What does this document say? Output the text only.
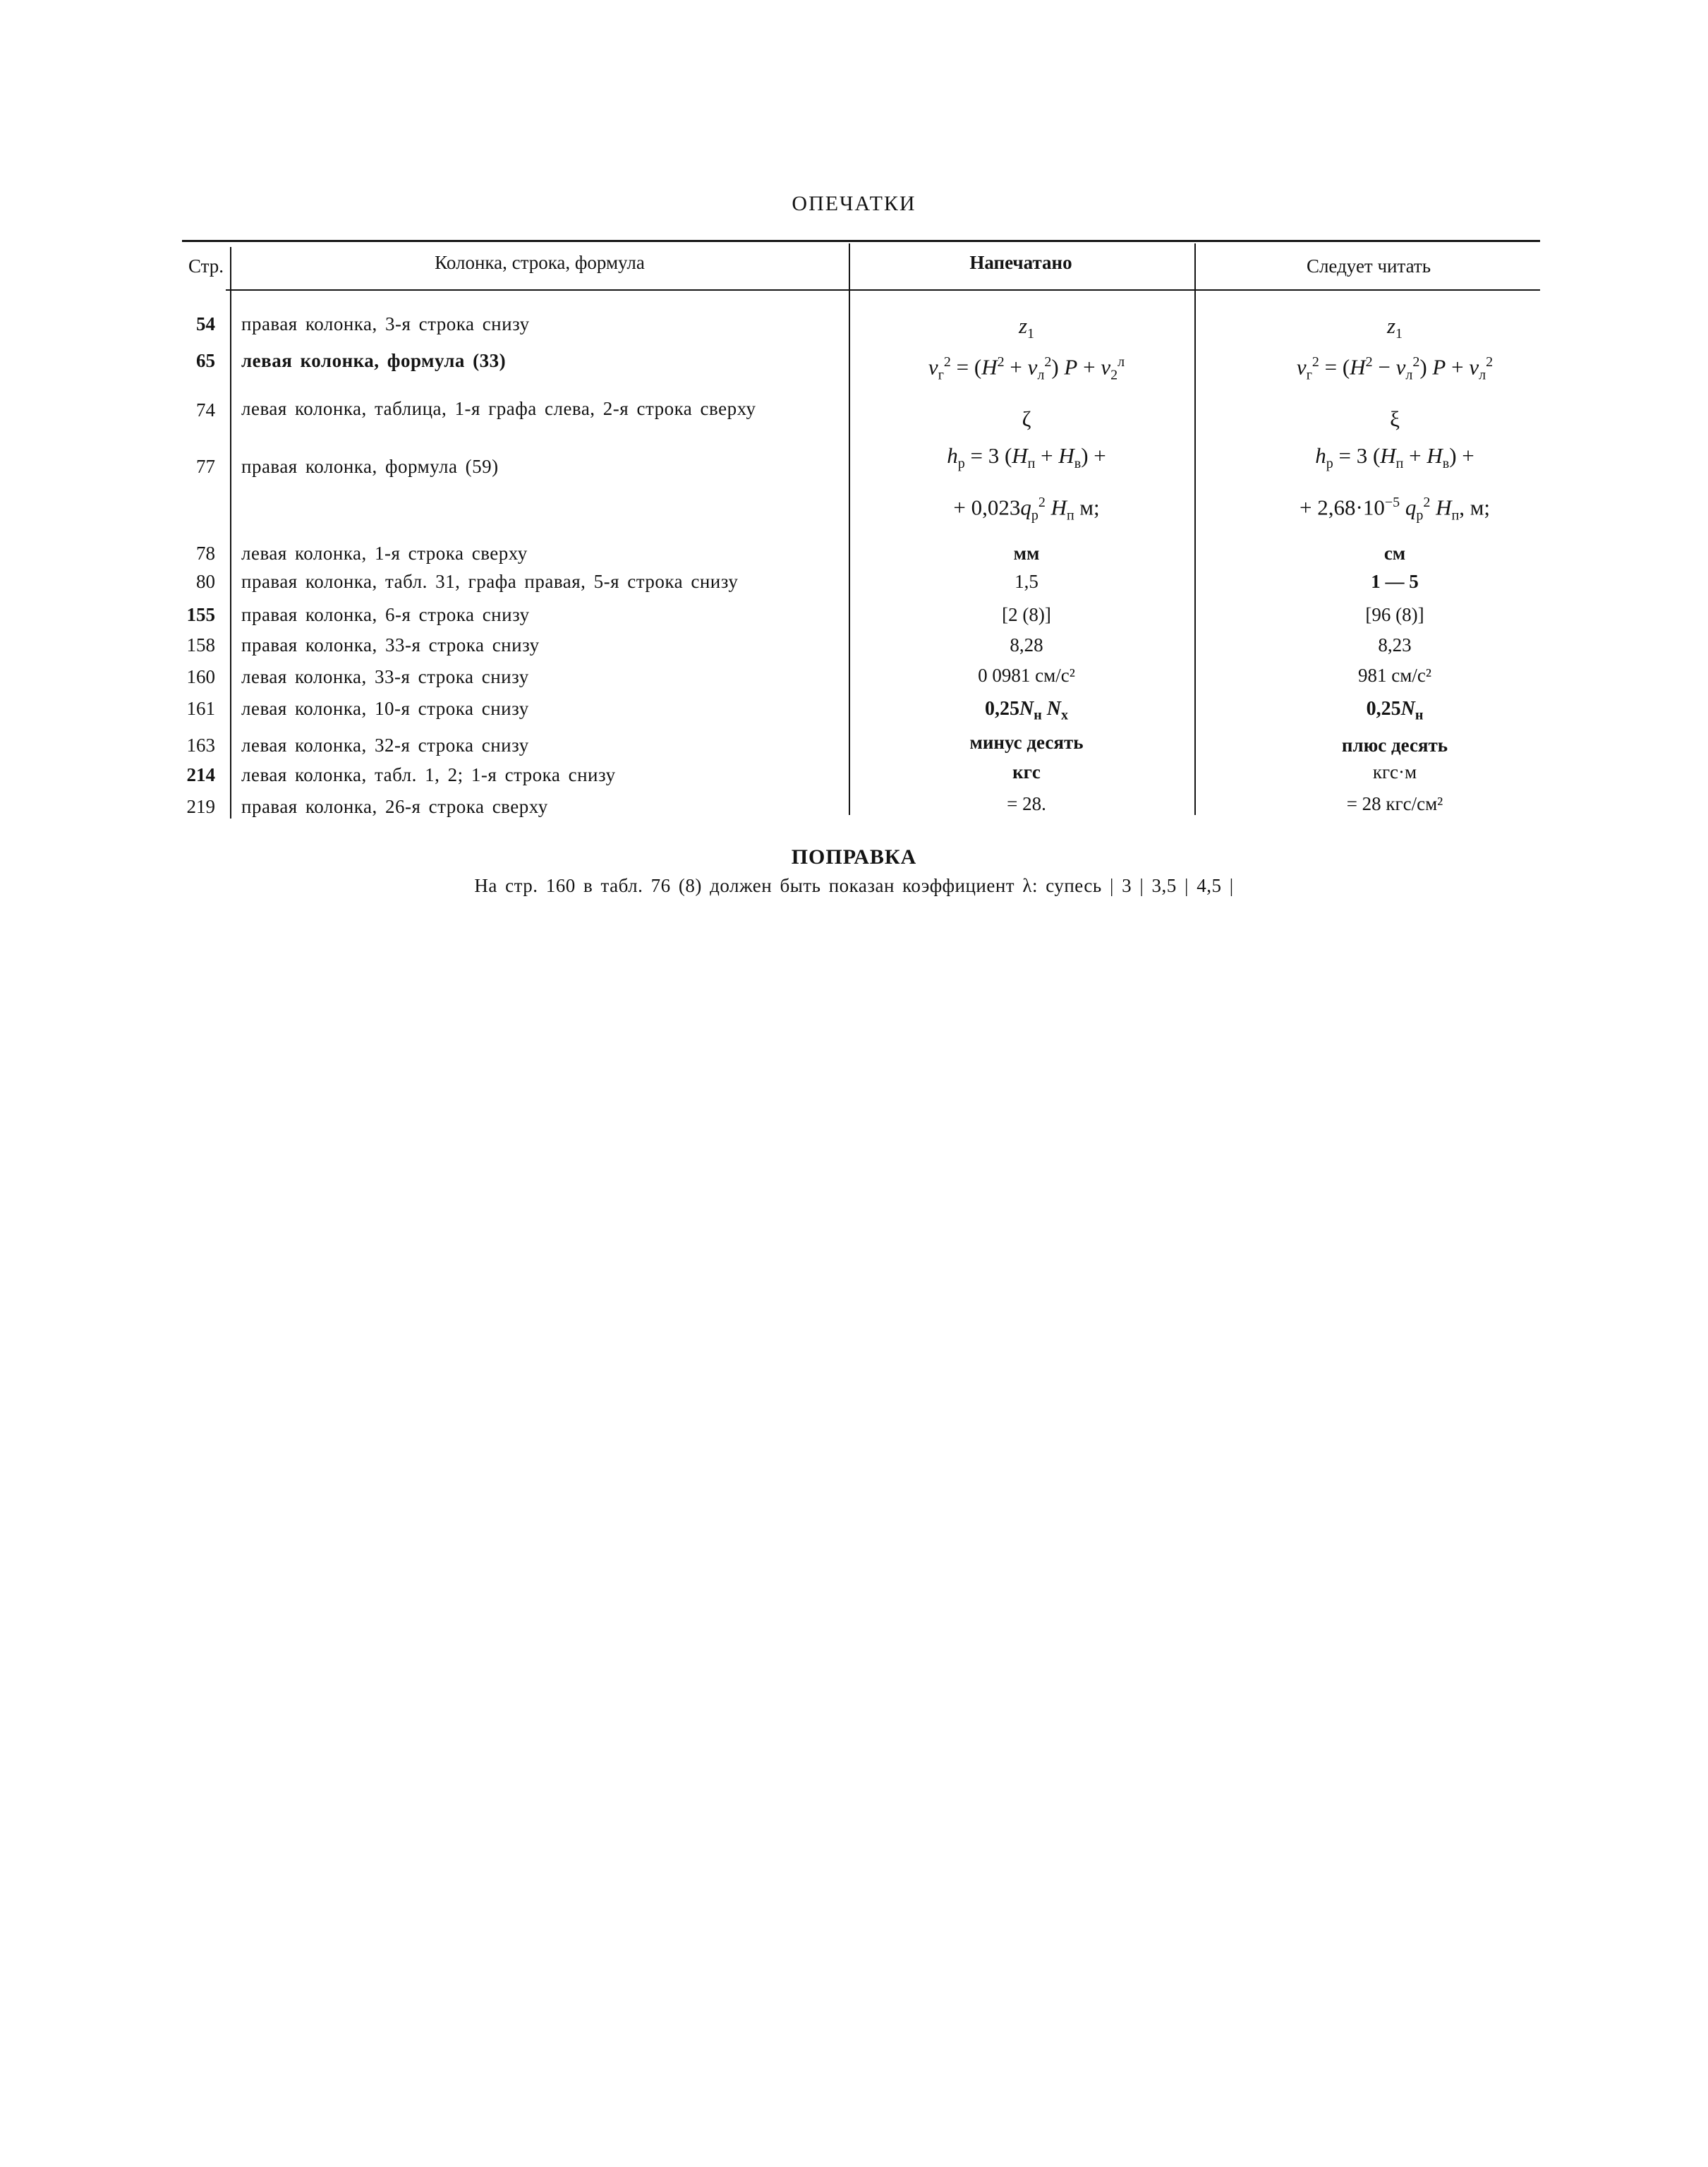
ОПЕЧАТКИ
Стр.	Колонка, строка, формула	Напечатано	Следует читать
54 правая колонка, 3-я строка снизу	$z_1$	$z_1$
65 левая колонка, формула (33)	$v_г^2 = (H^2 + v_л^2) P + v_2^л$	$v_г^2 = (H^2 - v_л^2) P + v_л^2$
74 левая колонка, таблица, 1-я графа слева, 2-я строка сверху	ζ	ξ
77 правая колонка, формула (59)	$h_р = 3$ $(H_п + H_в)$ +	$h_р = 3$ $(H_п + H_в)$ +
+ $0,023q_р^2$ $H_п$ м;	+ $2,68\cdot 10^{-5}$ $q_р^2$ $H_п$, м;
78 левая колонка, 1-я строка сверху	мм	см
80 правая колонка, табл. 31, графа правая, 5-я строка снизу	1,5	1 — 5
155 правая колонка, 6-я строка снизу	[2 (8)]	[96 (8)]
158 правая колонка, 33-я строка снизу	8,28	8,23
160 левая колонка, 33-я строка снизу	0 0981 см/с²	981 см/с²
161 левая колонка, 10-я строка снизу	$0,25N_н$ $N_x$	$0,25N_н$
163 левая колонка, 32-я строка снизу	минус десять	плюс десять
214 левая колонка, табл. 1, 2; 1-я строка снизу	кгс	кгс·м
219 правая колонка, 26-я строка сверху	= 28.	= 28 кгс/см²
ПОПРАВКА
На стр. 160 в табл. 76 (8) должен быть показан коэффициент λ: супесь | 3 | 3,5 | 4,5 |
